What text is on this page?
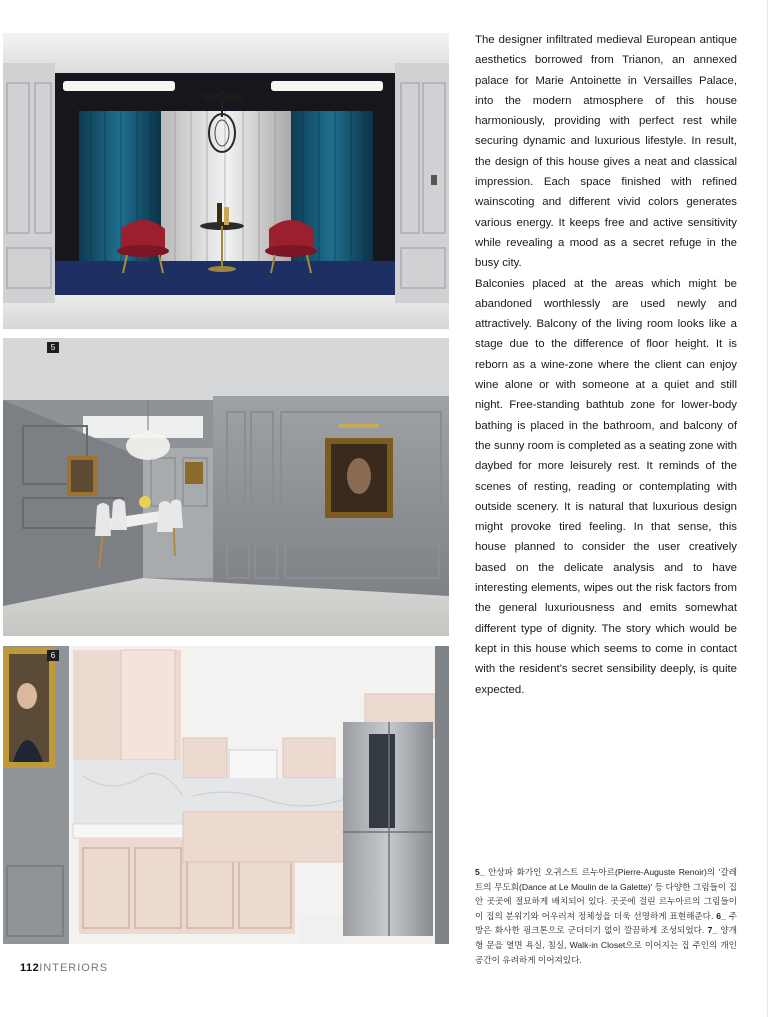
5
6

The designer infiltrated medieval European antique aesthetics borrowed from Trianon, an annexed palace for Marie Antoinette in Versailles Palace, into the modern atmosphere of this house harmoniously, providing with perfect rest while securing dynamic and luxurious lifestyle. In result, the design of this house gives a neat and classical impression. Each space finished with refined wainscoting and different vivid colors generates various energy. It keeps free and active sensitivity while revealing a mood as a secret refuge in the busy city.

Balconies placed at the areas which might be abandoned worthlessly are used newly and attractively. Balcony of the living room looks like a stage due to the difference of floor height. It is reborn as a wine-zone where the client can enjoy wine alone or with someone at a quiet and still night. Free-standing bathtub zone for lower-body bathing is placed in the bathroom, and balcony of the sunny room is completed as a seating zone with daybed for more leisurely rest. It reminds of the scenes of resting, reading or contemplating with outside scenery. It is natural that luxurious design might provoke tired feeling. In that sense, this house planned to consider the user creatively based on the delicate analysis and to have interesting elements, wipes out the risk factors from the general luxuriousness and emits somewhat different type of dignity. The story which would be kept in this house which seems to come in contact with the resident's secret sensibility deeply, is quite expected.

5_ 안상파 화가인 오귀스트 르누아르(Pierre-Auguste Renoir)의 '갈레트의 무도회(Dance at Le Moulin de la Galette)' 등 다양한 그림들이 집안 곳곳에 절묘하게 배치되어 있다. 곳곳에 걸린 르누아르의 그림들이 이 집의 분위기와 어우러져 정체성을 더욱 선명하게 표현해준다. 6_ 주방은 화사한 핑크톤으로 군더더기 없이 깔끔하게 조성되었다. 7_ 양개형 문을 열면 욕실, 침실, Walk-in Closet으로 이어지는 집 주인의 개인 공간이 유려하게 이어져있다.
112INTERIORS
